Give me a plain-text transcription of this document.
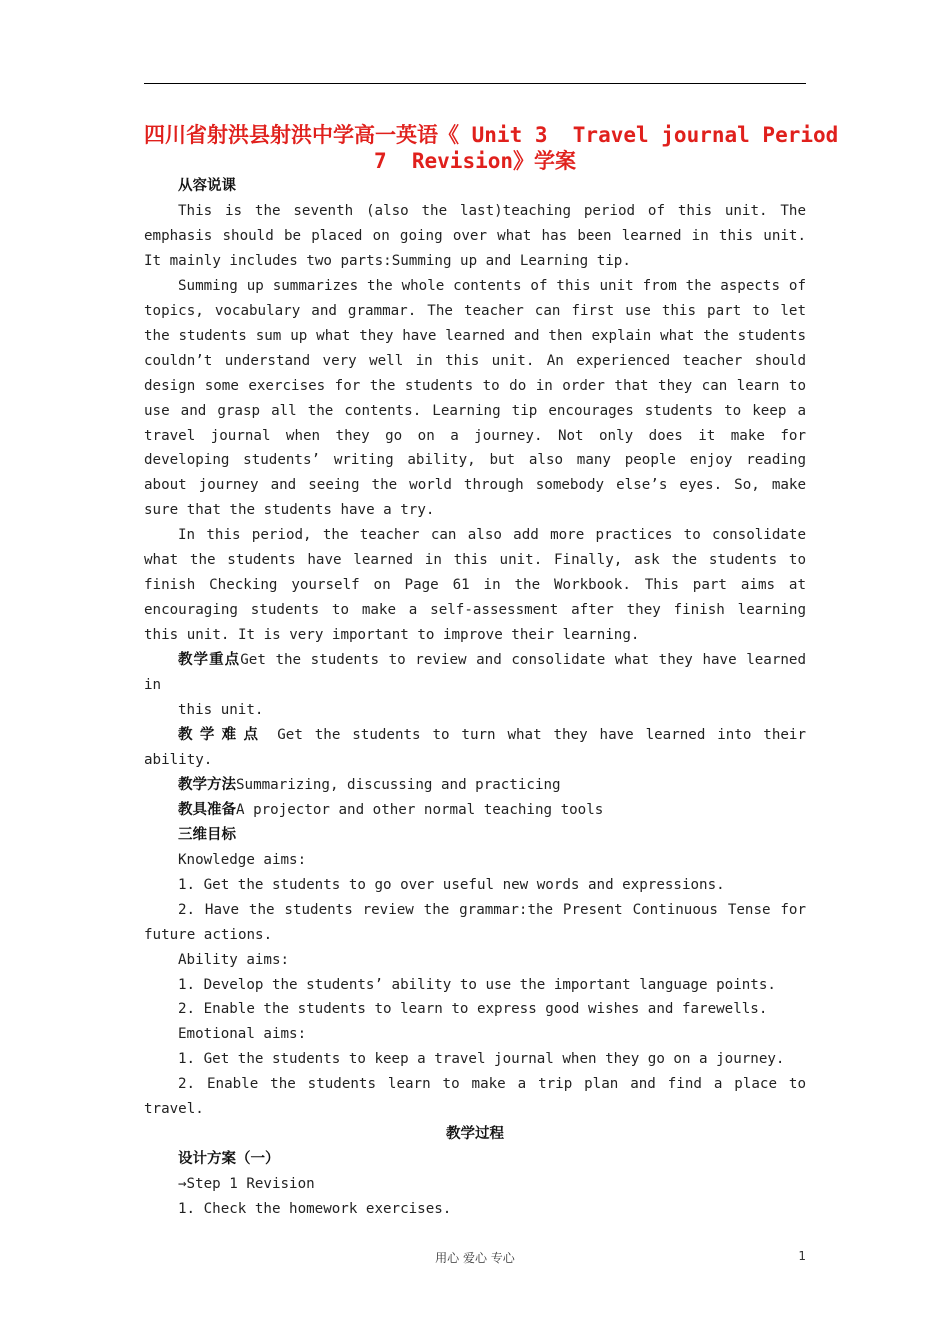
四川省射洪县射洪中学高一英语《 Unit 3  Travel journal Period
7  Revision》学案

从容说课

This is the seventh (also the last)teaching period of this unit. The emphasis should be placed on going over what has been learned in this unit. It mainly includes two parts:Summing up and Learning tip.

Summing up summarizes the whole contents of this unit from the aspects of topics, vocabulary and grammar. The teacher can first use this part to let the students sum up what they have learned and then explain what the students couldn’t understand very well in this unit. An experienced teacher should design some exercises for the students to do in order that they can learn to use and grasp all the contents. Learning tip encourages students to keep a travel journal when they go on a journey. Not only does it make for developing students’ writing ability, but also many people enjoy reading about journey and seeing the world through somebody else’s eyes. So, make sure that the students have a try.

In this period, the teacher can also add more practices to consolidate what the students have learned in this unit. Finally, ask the students to finish Checking yourself on Page 61 in the Workbook. This part aims at encouraging students to make a self-assessment after they finish learning this unit. It is very important to improve their learning.

教学重点Get the students to review and consolidate what they have learned in

this unit.

教学难点 Get the students to turn what they have learned into their ability.

教学方法Summarizing, discussing and practicing

教具准备A projector and other normal teaching tools

三维目标

Knowledge aims:

1. Get the students to go over useful new words and expressions.

2. Have the students review the grammar:the Present Continuous Tense for future actions.

Ability aims:

1. Develop the students’ ability to use the important language points.

2. Enable the students to learn to express good wishes and farewells.

Emotional aims:

1. Get the students to keep a travel journal when they go on a journey.

2. Enable the students learn to make a trip plan and find a place to travel.

教学过程

设计方案（一）

→Step 1 Revision

1. Check the homework exercises.

用心 爱心 专心	1
